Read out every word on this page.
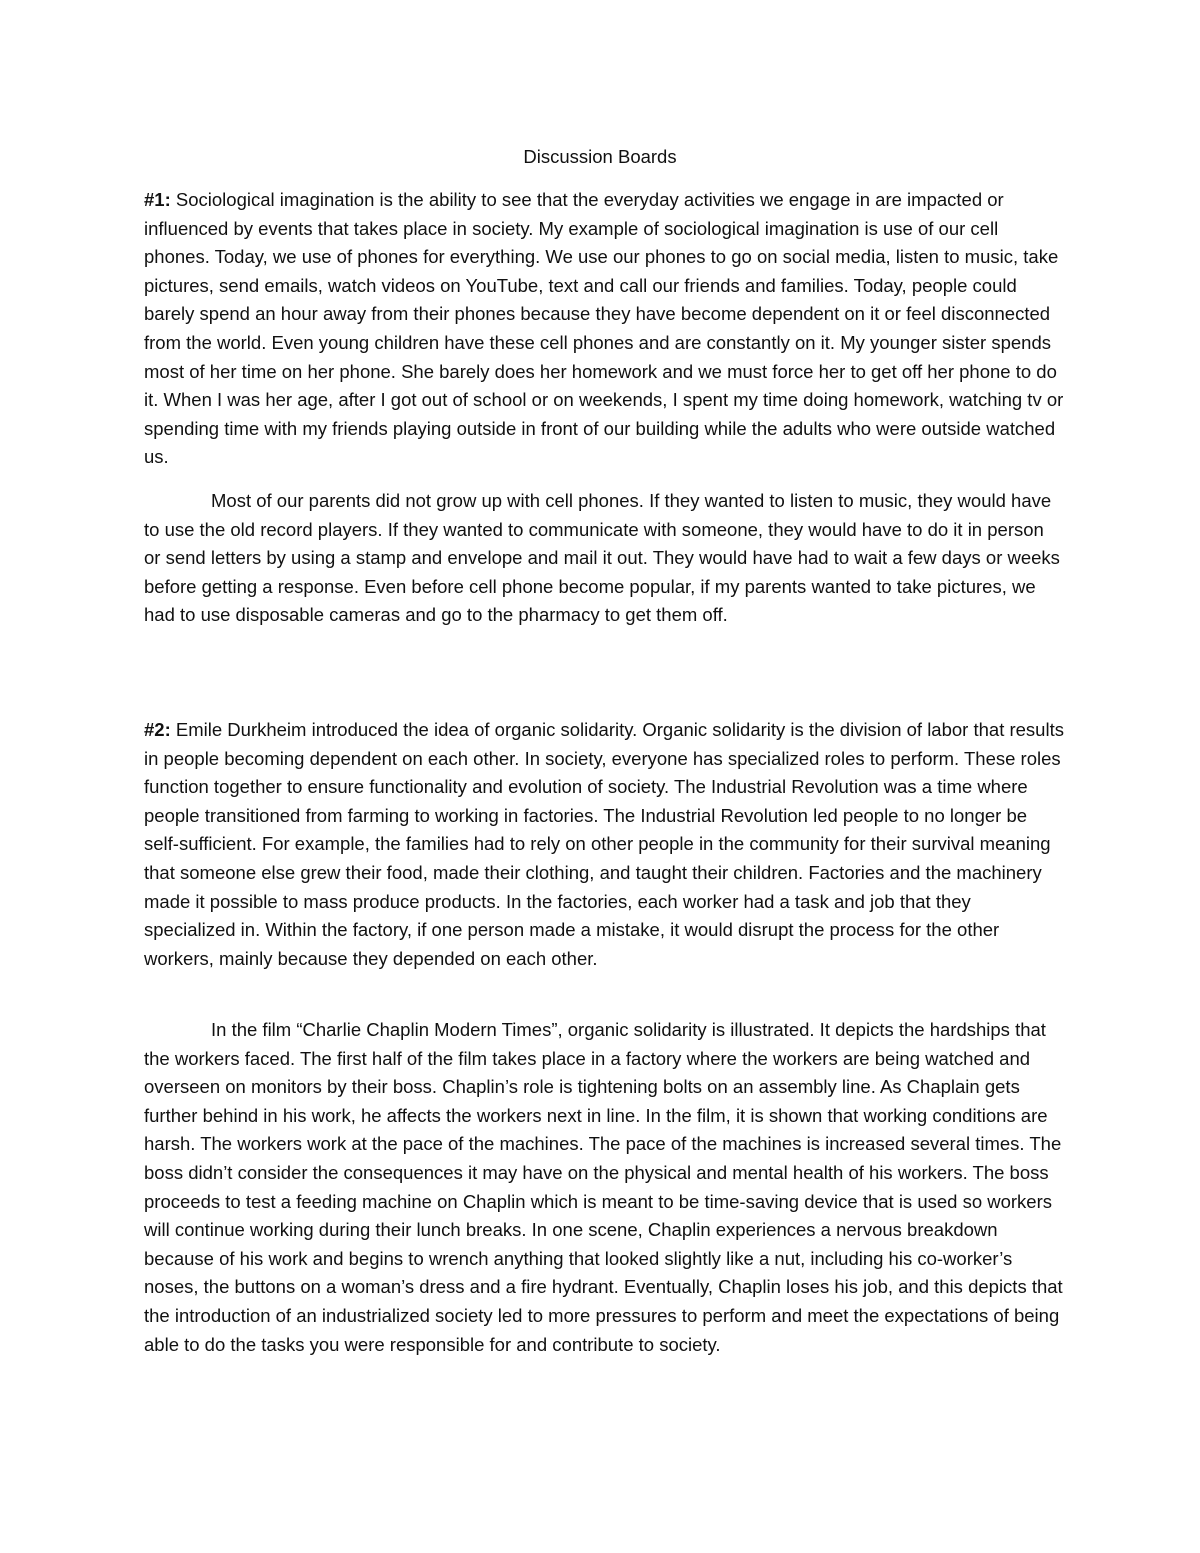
Discussion Boards

#1: Sociological imagination is the ability to see that the everyday activities we engage in are impacted or influenced by events that takes place in society. My example of sociological imagination is use of our cell phones. Today, we use of phones for everything. We use our phones to go on social media, listen to music, take pictures, send emails, watch videos on YouTube, text and call our friends and families. Today, people could barely spend an hour away from their phones because they have become dependent on it or feel disconnected from the world. Even young children have these cell phones and are constantly on it. My younger sister spends most of her time on her phone. She barely does her homework and we must force her to get off her phone to do it. When I was her age, after I got out of school or on weekends, I spent my time doing homework, watching tv or spending time with my friends playing outside in front of our building while the adults who were outside watched us.

Most of our parents did not grow up with cell phones. If they wanted to listen to music, they would have to use the old record players. If they wanted to communicate with someone, they would have to do it in person or send letters by using a stamp and envelope and mail it out. They would have had to wait a few days or weeks before getting a response. Even before cell phone become popular, if my parents wanted to take pictures, we had to use disposable cameras and go to the pharmacy to get them off.

#2: Emile Durkheim introduced the idea of organic solidarity. Organic solidarity is the division of labor that results in people becoming dependent on each other. In society, everyone has specialized roles to perform. These roles function together to ensure functionality and evolution of society. The Industrial Revolution was a time where people transitioned from farming to working in factories. The Industrial Revolution led people to no longer be self-sufficient. For example, the families had to rely on other people in the community for their survival meaning that someone else grew their food, made their clothing, and taught their children. Factories and the machinery made it possible to mass produce products. In the factories, each worker had a task and job that they specialized in. Within the factory, if one person made a mistake, it would disrupt the process for the other workers, mainly because they depended on each other.

In the film “Charlie Chaplin Modern Times”, organic solidarity is illustrated. It depicts the hardships that the workers faced. The first half of the film takes place in a factory where the workers are being watched and overseen on monitors by their boss. Chaplin’s role is tightening bolts on an assembly line. As Chaplain gets further behind in his work, he affects the workers next in line. In the film, it is shown that working conditions are harsh. The workers work at the pace of the machines. The pace of the machines is increased several times. The boss didn’t consider the consequences it may have on the physical and mental health of his workers. The boss proceeds to test a feeding machine on Chaplin which is meant to be time-saving device that is used so workers will continue working during their lunch breaks. In one scene, Chaplin experiences a nervous breakdown because of his work and begins to wrench anything that looked slightly like a nut, including his co-worker’s noses, the buttons on a woman’s dress and a fire hydrant. Eventually, Chaplin loses his job, and this depicts that the introduction of an industrialized society led to more pressures to perform and meet the expectations of being able to do the tasks you were responsible for and contribute to society.
